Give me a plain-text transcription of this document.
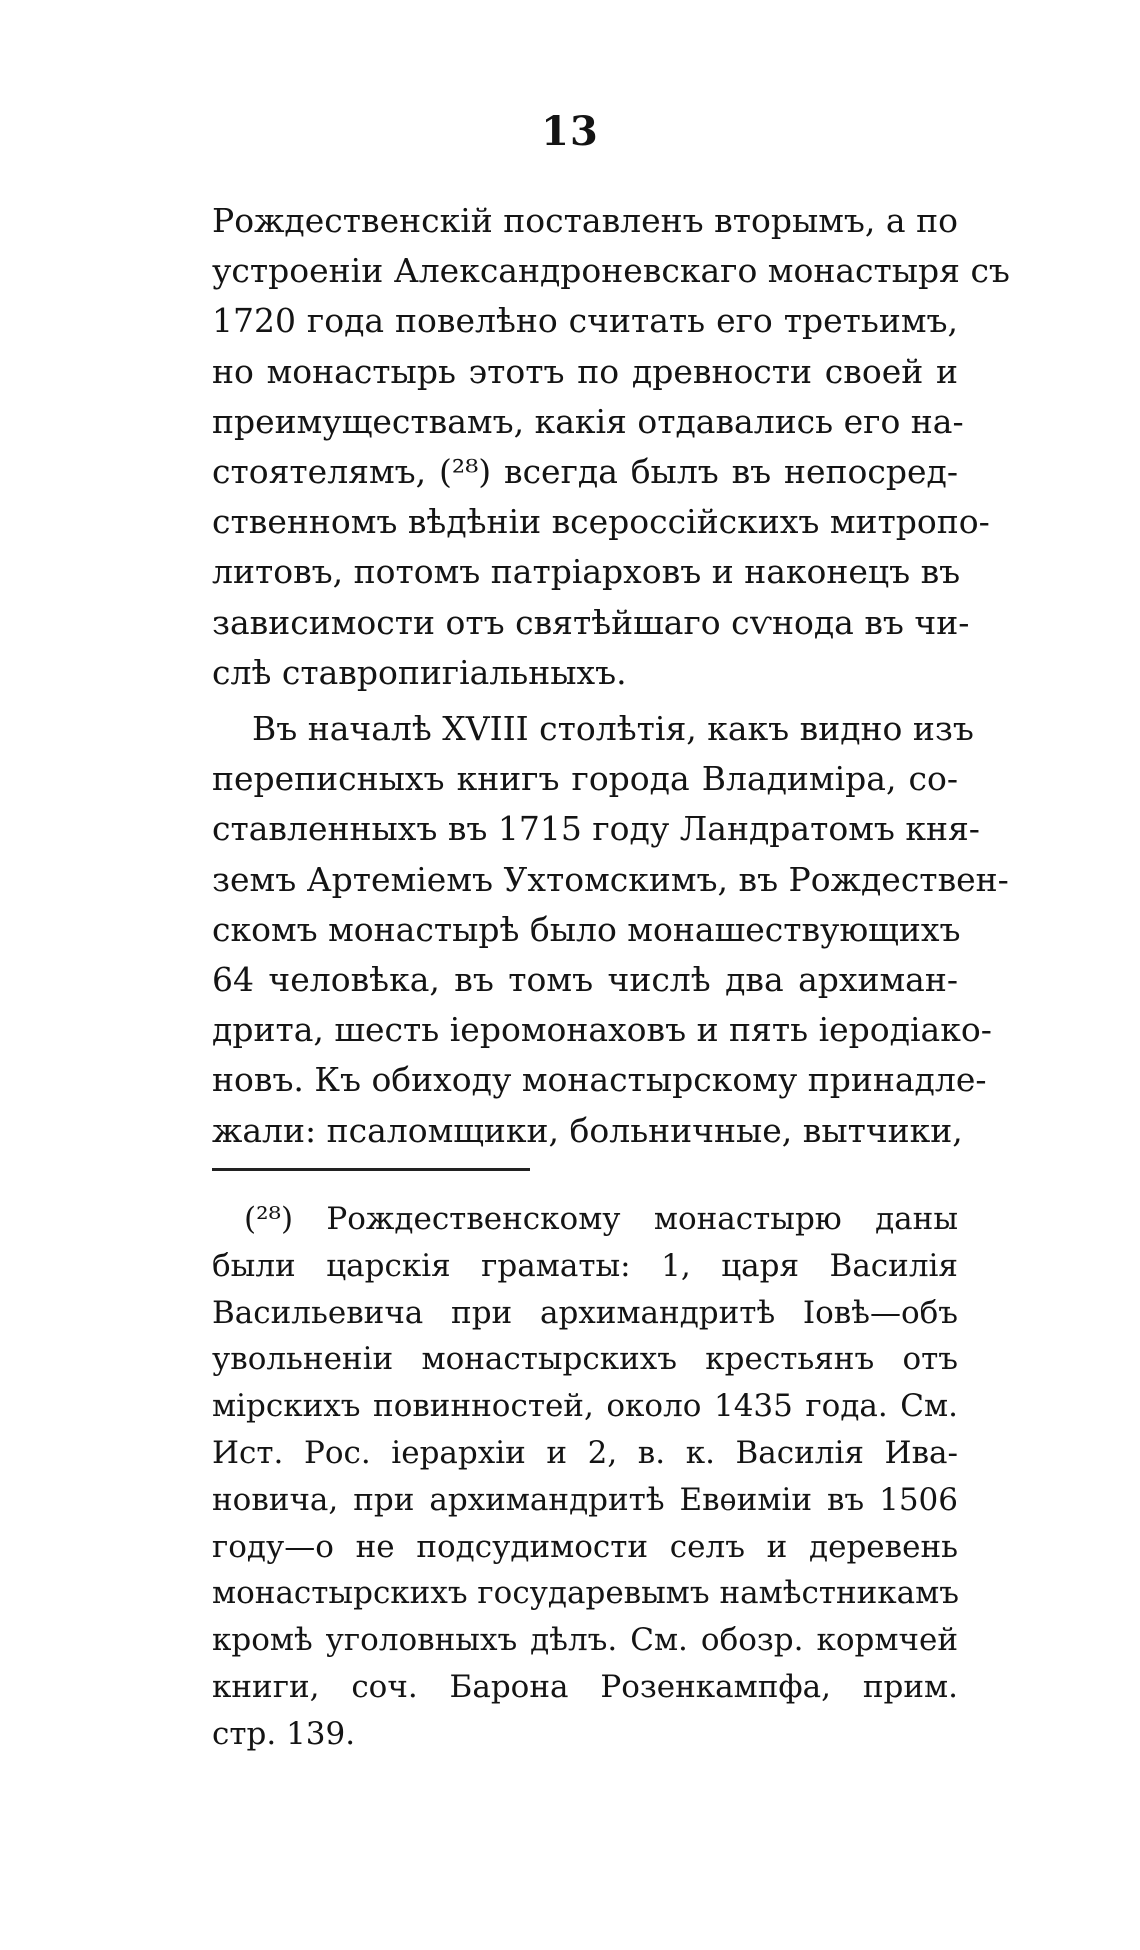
13
Рождественскій поставленъ вторымъ, а по
устроеніи Александроневскаго монастыря съ
1720 года повелѣно считать его третьимъ,
но монастырь этотъ по древности своей и
преимуществамъ, какія отдавались его на-
стоятелямъ, (²⁸) всегда былъ въ непосред-
ственномъ вѣдѣніи всероссійскихъ митропо-
литовъ, потомъ патріарховъ и наконецъ въ
зависимости отъ святѣйшаго сѵнода въ чи-
слѣ ставропигіальныхъ.
Въ началѣ XVIII столѣтія, какъ видно изъ
переписныхъ книгъ города Владиміра, со-
ставленныхъ въ 1715 году Ландратомъ кня-
земъ Артеміемъ Ухтомскимъ, въ Рождествен-
скомъ монастырѣ было монашествующихъ
64 человѣка, въ томъ числѣ два архиман-
дрита, шесть іеромонаховъ и пять іеродіако-
новъ. Къ обиходу монастырскому принадле-
жали: псаломщики, больничные, вытчики,
(²⁸) Рождественскому монастырю даны
были царскія граматы: 1, царя Василія
Васильевича при архимандритѣ Іовѣ—объ
увольненіи монастырскихъ крестьянъ отъ
мірскихъ повинностей, около 1435 года. См.
Ист. Рос. іерархіи и 2, в. к. Василія Ива-
новича, при архимандритѣ Евѳиміи въ 1506
году—о не подсудимости селъ и деревень
монастырскихъ государевымъ намѣстникамъ
кромѣ уголовныхъ дѣлъ. См. обозр. кормчей
книги, соч. Барона Розенкампфа, прим.
стр. 139.
